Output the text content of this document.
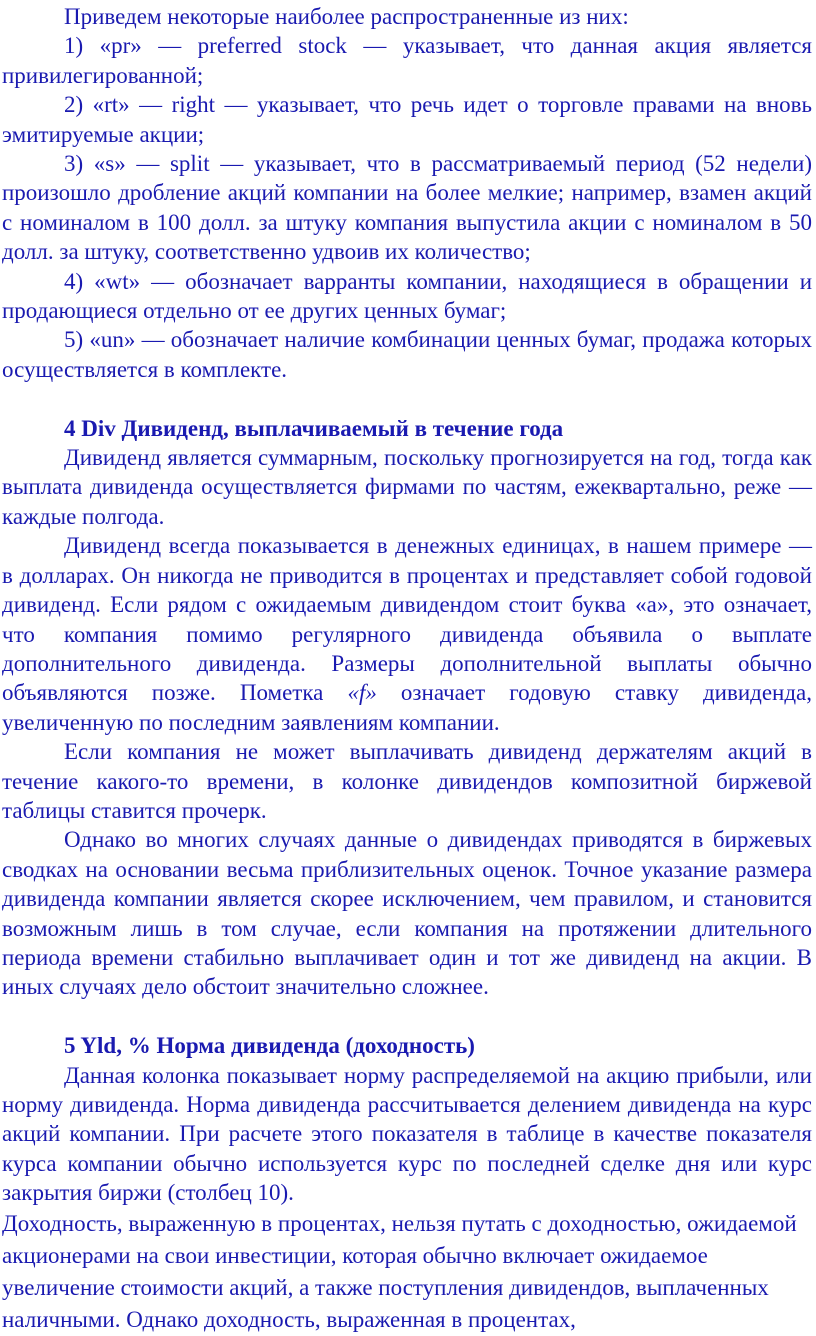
Приведем некоторые наиболее распространенные из них:

1) «pr» — preferred stock — указывает, что данная акция является привилегированной;

2) «rt» — right — указывает, что речь идет о торговле правами на вновь эмитируемые акции;

3) «s» — split — указывает, что в рассматриваемый период (52 недели) произошло дробление акций компании на более мелкие; например, взамен акций с номиналом в 100 долл. за штуку компания выпустила акции с номиналом в 50 долл. за штуку, соответственно удвоив их количество;

4) «wt» — обозначает варранты компании, находящиеся в обращении и продающиеся отдельно от ее других ценных бумаг;

5) «un» — обозначает наличие комбинации ценных бумаг, продажа которых осуществляется в комплекте.

4 Div Дивиденд, выплачиваемый в течение года

Дивиденд является суммарным, поскольку прогнозируется на год, тогда как выплата дивиденда осуществляется фирмами по частям, ежеквартально, реже — каждые полгода.

Дивиденд всегда показывается в денежных единицах, в нашем примере — в долларах. Он никогда не приводится в процентах и представляет собой годовой дивиденд. Если рядом с ожидаемым дивидендом стоит буква «а», это означает, что компания помимо регулярного дивиденда объявила о выплате дополнительного дивиденда. Размеры дополнительной выплаты обычно объявляются позже. Пометка «f» означает годовую ставку дивиденда, увеличенную по последним заявлениям компании.

Если компания не может выплачивать дивиденд держателям акций в течение какого-то времени, в колонке дивидендов композитной биржевой таблицы ставится прочерк.

Однако во многих случаях данные о дивидендах приводятся в биржевых сводках на основании весьма приблизительных оценок. Точное указание размера дивиденда компании является скорее исключением, чем правилом, и становится возможным лишь в том случае, если компания на протяжении длительного периода времени стабильно выплачивает один и тот же дивиденд на акции. В иных случаях дело обстоит значительно сложнее.

5 Yld, % Норма дивиденда (доходность)

Данная колонка показывает норму распределяемой на акцию прибыли, или норму дивиденда. Норма дивиденда рассчитывается делением дивиденда на курс акций компании. При расчете этого показателя в таблице в качестве показателя курса компании обычно используется курс по последней сделке дня или курс закрытия биржи (столбец 10).

Доходность, выраженную в процентах, нельзя путать с доходностью, ожидаемой акционерами на свои инвестиции, которая обычно включает ожидаемое увеличение стоимости акций, а также поступления дивидендов, выплаченных наличными. Однако доходность, выраженная в процентах,
